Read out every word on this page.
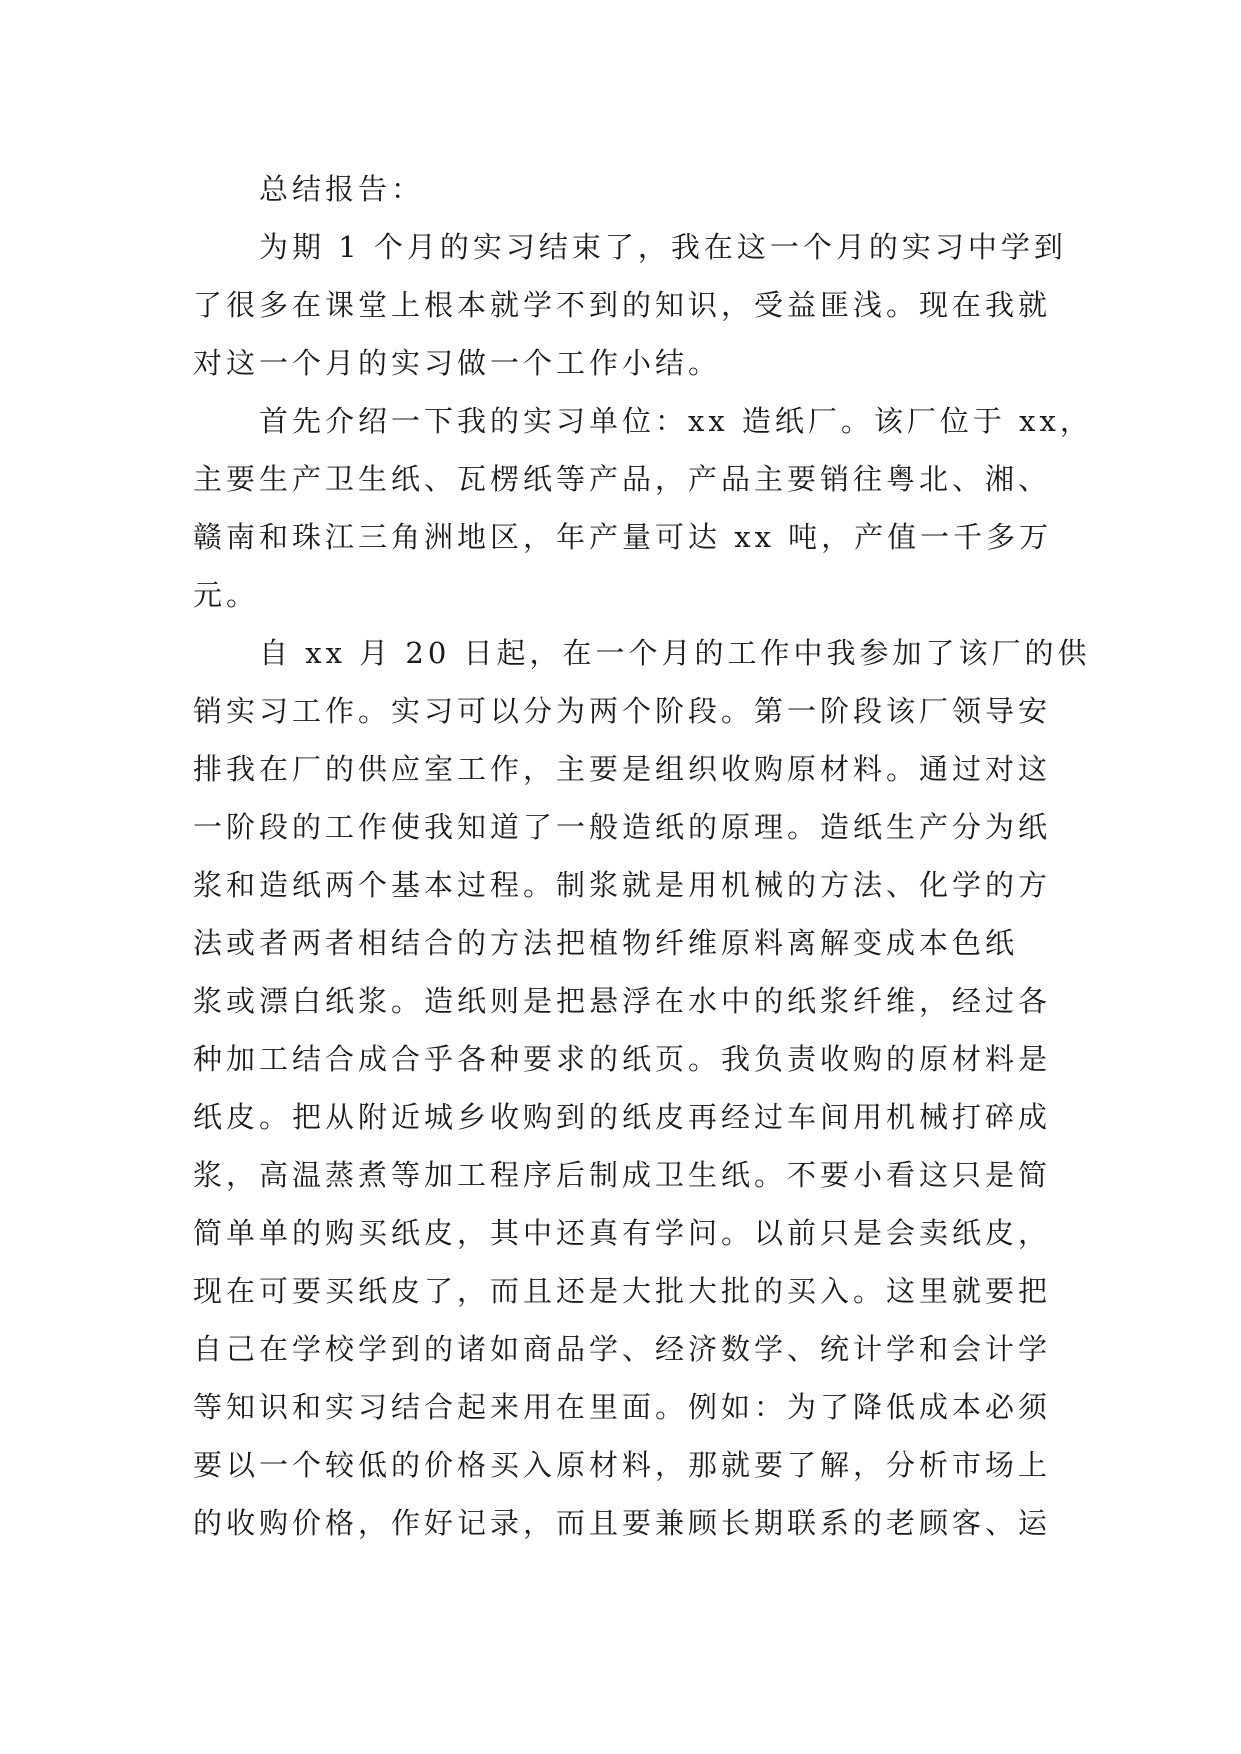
总结报告：
为期 1 个月的实习结束了，我在这一个月的实习中学到
了很多在课堂上根本就学不到的知识，受益匪浅。现在我就
对这一个月的实习做一个工作小结。
首先介绍一下我的实习单位：xx 造纸厂。该厂位于 xx，
主要生产卫生纸、瓦楞纸等产品，产品主要销往粤北、湘、
赣南和珠江三角洲地区，年产量可达 xx 吨，产值一千多万
元。
自 xx 月 20 日起，在一个月的工作中我参加了该厂的供
销实习工作。实习可以分为两个阶段。第一阶段该厂领导安
排我在厂的供应室工作，主要是组织收购原材料。通过对这
一阶段的工作使我知道了一般造纸的原理。造纸生产分为纸
浆和造纸两个基本过程。制浆就是用机械的方法、化学的方
法或者两者相结合的方法把植物纤维原料离解变成本色纸
浆或漂白纸浆。造纸则是把悬浮在水中的纸浆纤维，经过各
种加工结合成合乎各种要求的纸页。我负责收购的原材料是
纸皮。把从附近城乡收购到的纸皮再经过车间用机械打碎成
浆，高温蒸煮等加工程序后制成卫生纸。不要小看这只是简
简单单的购买纸皮，其中还真有学问。以前只是会卖纸皮，
现在可要买纸皮了，而且还是大批大批的买入。这里就要把
自己在学校学到的诸如商品学、经济数学、统计学和会计学
等知识和实习结合起来用在里面。例如：为了降低成本必须
要以一个较低的价格买入原材料，那就要了解，分析市场上
的收购价格，作好记录，而且要兼顾长期联系的老顾客、运
